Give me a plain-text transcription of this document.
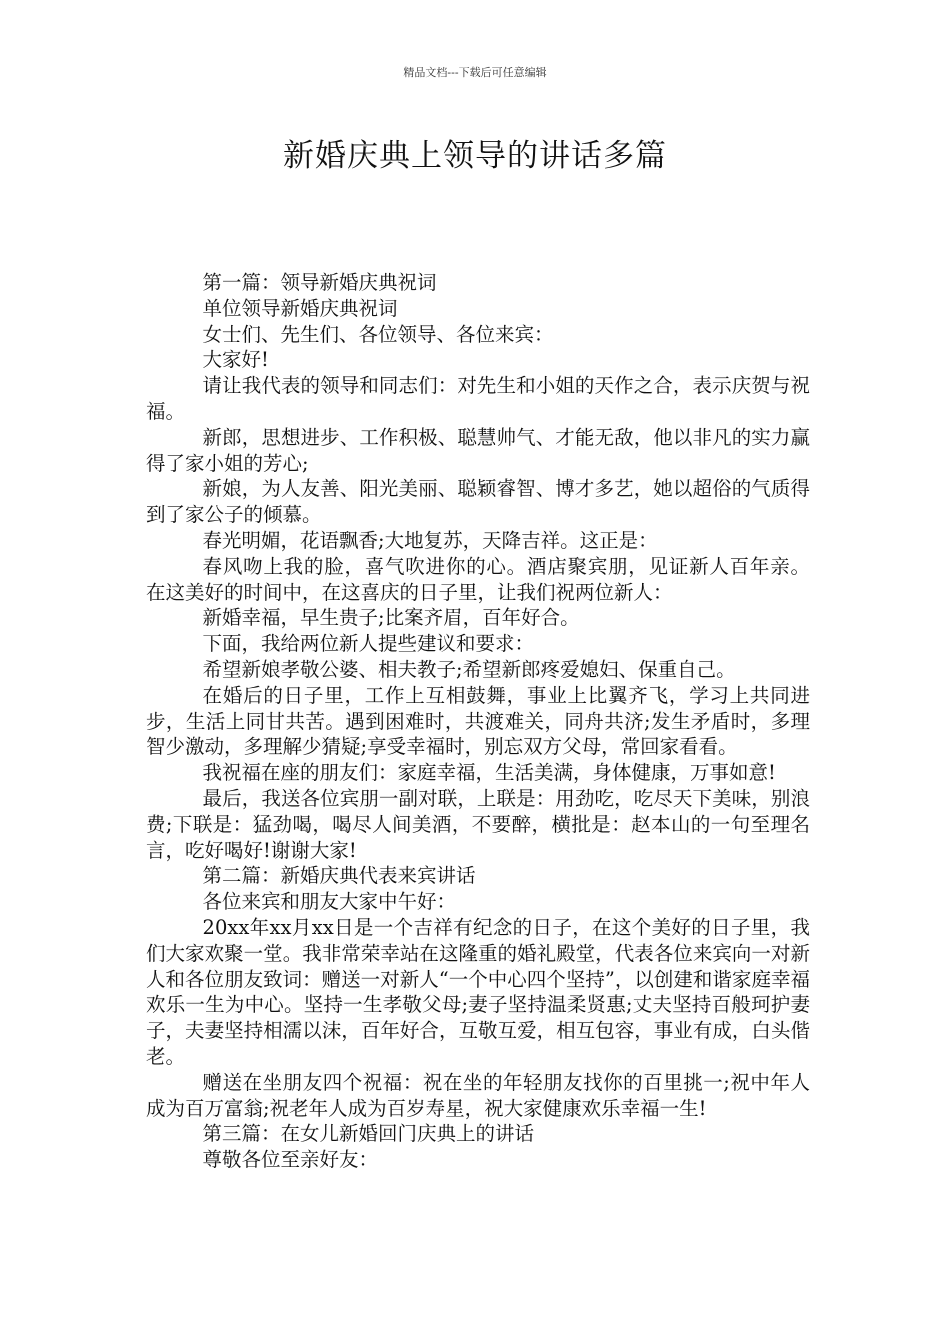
精品文档---下载后可任意编辑
新婚庆典上领导的讲话多篇

第一篇：领导新婚庆典祝词

单位领导新婚庆典祝词

女士们、先生们、各位领导、各位来宾：

大家好!

请让我代表的领导和同志们：对先生和小姐的天作之合，表示庆贺与祝福。

新郎，思想进步、工作积极、聪慧帅气、才能无敌，他以非凡的实力赢得了家小姐的芳心;

新娘，为人友善、阳光美丽、聪颖睿智、博才多艺，她以超俗的气质得到了家公子的倾慕。

春光明媚，花语飘香;大地复苏，天降吉祥。这正是：

春风吻上我的脸，喜气吹进你的心。酒店聚宾朋，见证新人百年亲。 在这美好的时间中，在这喜庆的日子里，让我们祝两位新人：

新婚幸福，早生贵子;比案齐眉，百年好合。

下面，我给两位新人提些建议和要求：

希望新娘孝敬公婆、相夫教子;希望新郎疼爱媳妇、保重自己。

在婚后的日子里，工作上互相鼓舞，事业上比翼齐飞，学习上共同进步，生活上同甘共苦。遇到困难时，共渡难关，同舟共济;发生矛盾时，多理智少激动，多理解少猜疑;享受幸福时，别忘双方父母，常回家看看。

我祝福在座的朋友们：家庭幸福，生活美满，身体健康，万事如意!

最后，我送各位宾朋一副对联，上联是：用劲吃，吃尽天下美味，别浪费;下联是：猛劲喝，喝尽人间美酒，不要醉，横批是：赵本山的一句至理名言，吃好喝好!谢谢大家!

第二篇：新婚庆典代表来宾讲话

各位来宾和朋友大家中午好：

20xx年xx月xx日是一个吉祥有纪念的日子，在这个美好的日子里，我们大家欢聚一堂。我非常荣幸站在这隆重的婚礼殿堂，代表各位来宾向一对新人和各位朋友致词：赠送一对新人“一个中心四个坚持”，以创建和谐家庭幸福欢乐一生为中心。坚持一生孝敬父母;妻子坚持温柔贤惠;丈夫坚持百般珂护妻子，夫妻坚持相濡以沫，百年好合，互敬互爱，相互包容，事业有成，白头偕老。

赠送在坐朋友四个祝福：祝在坐的年轻朋友找你的百里挑一;祝中年人成为百万富翁;祝老年人成为百岁寿星，祝大家健康欢乐幸福一生!

第三篇：在女儿新婚回门庆典上的讲话

尊敬各位至亲好友：
